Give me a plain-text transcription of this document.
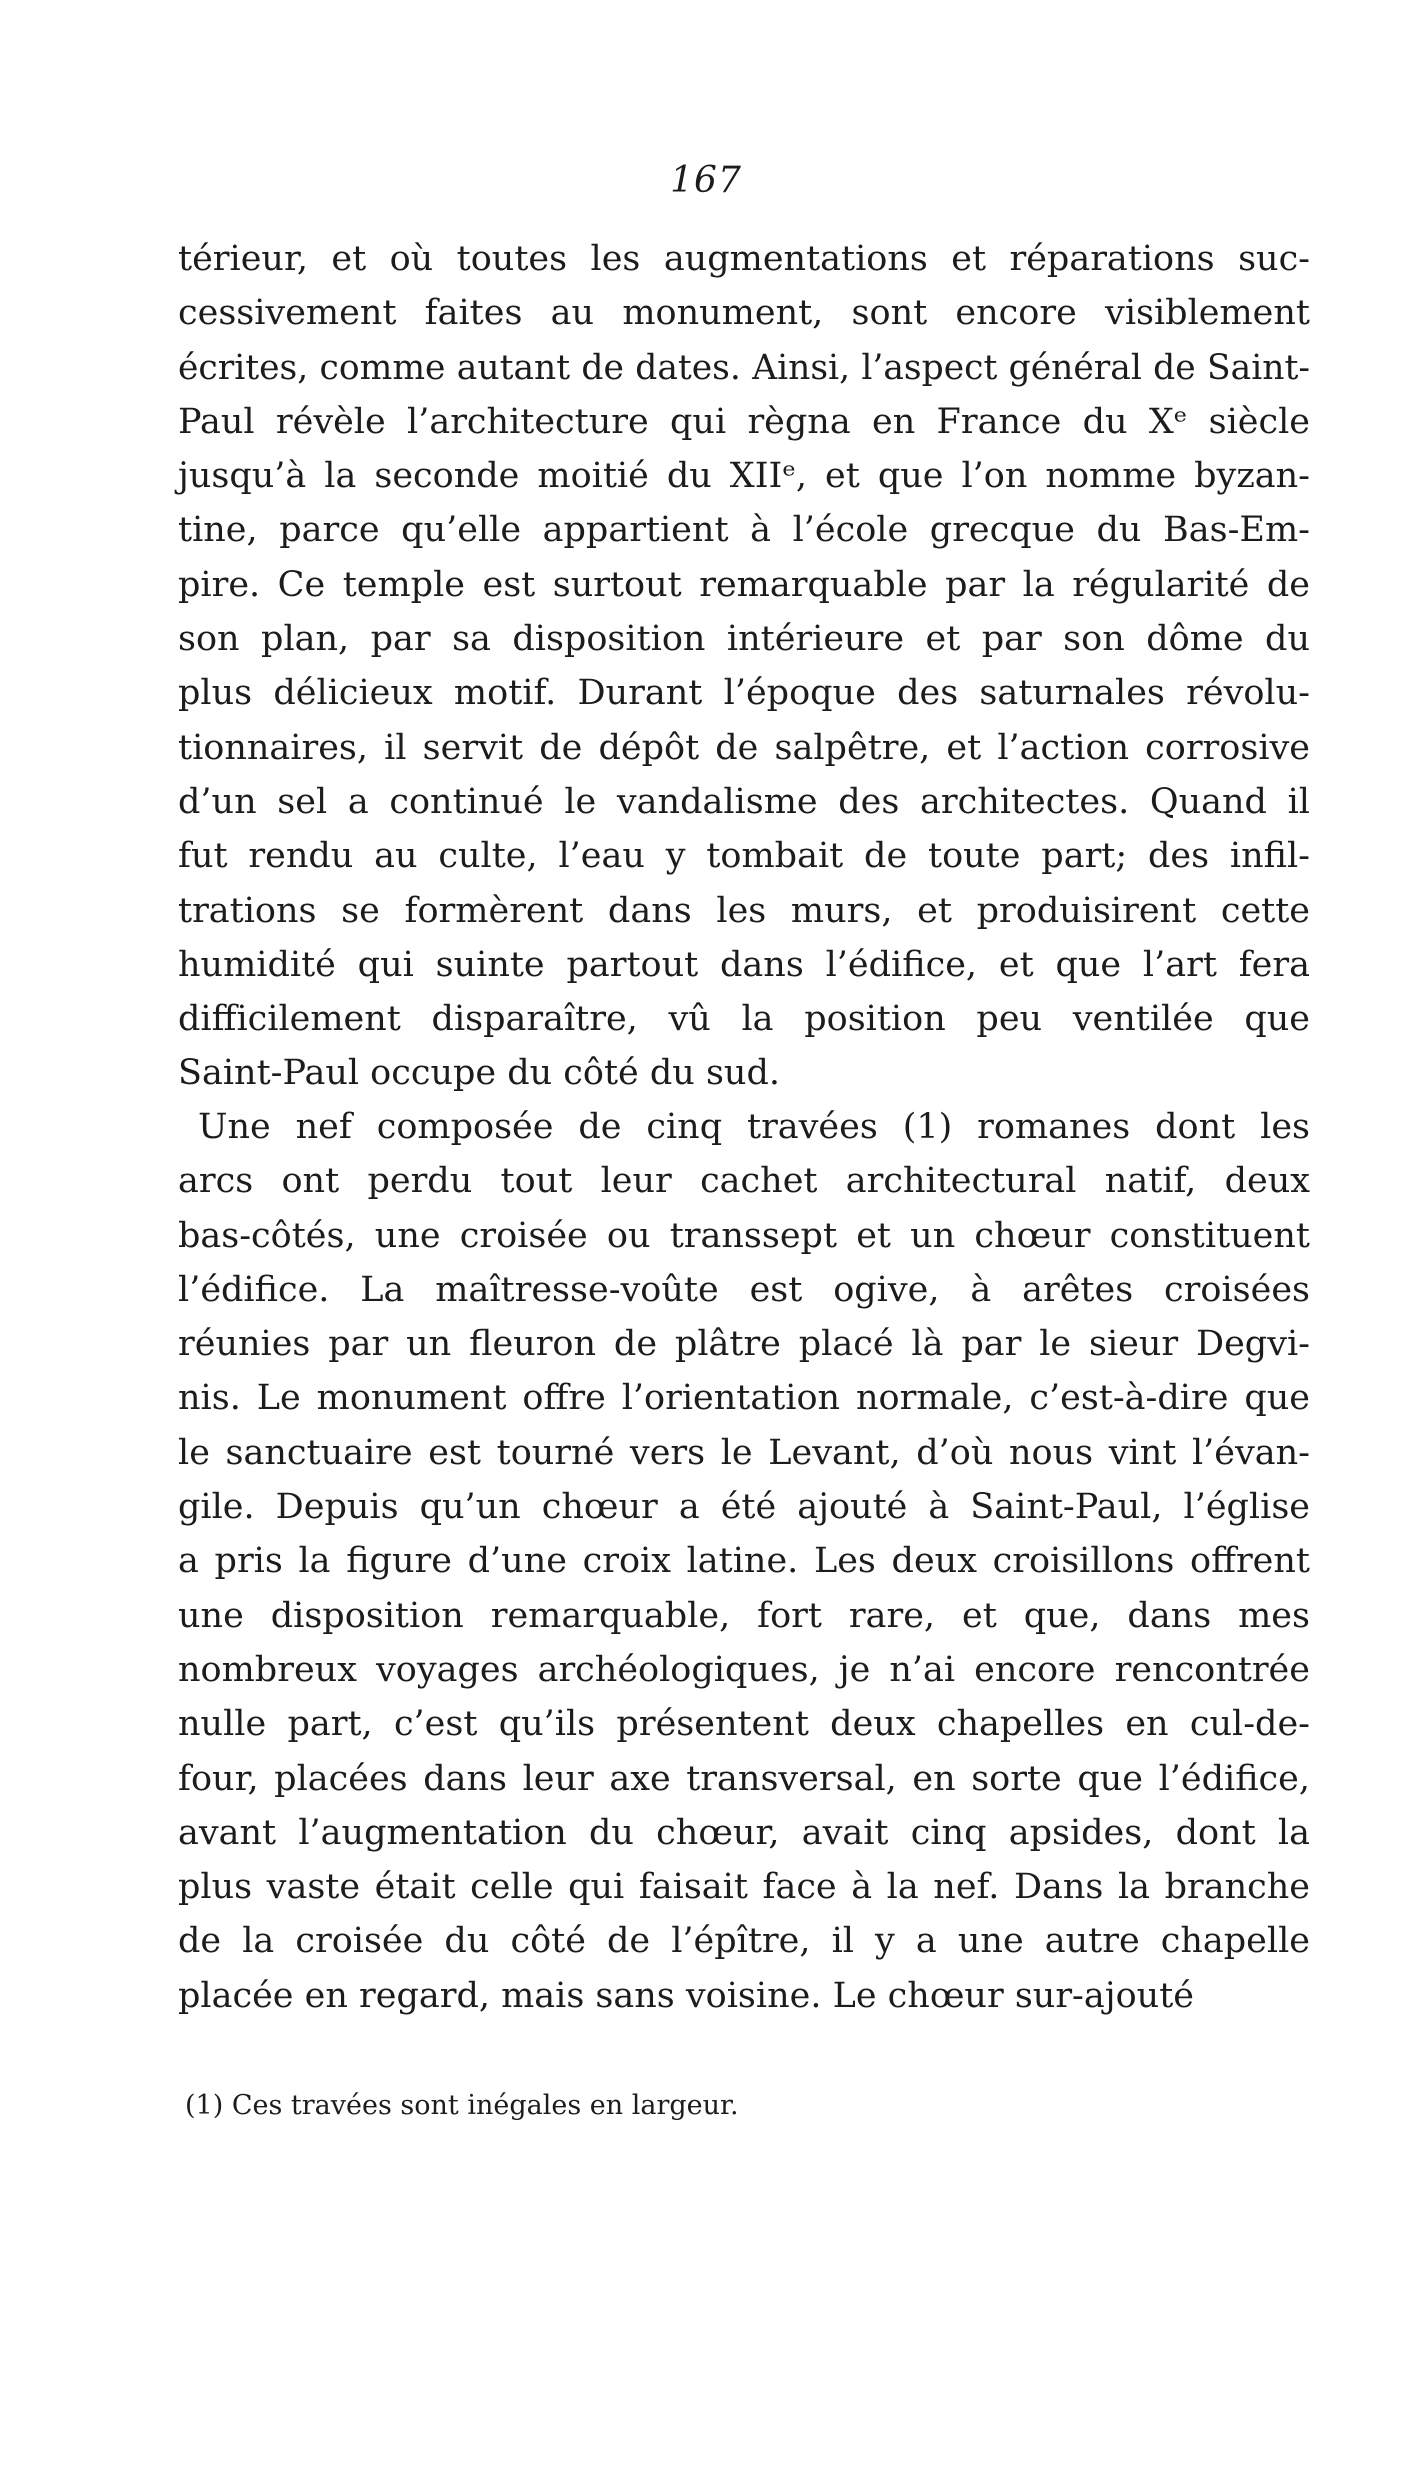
167
térieur, et où toutes les augmentations et réparations suc-
cessivement faites au monument, sont encore visiblement
écrites, comme autant de dates. Ainsi, l’aspect général de Saint-
Paul révèle l’architecture qui règna en France du Xᵉ siècle
jusqu’à la seconde moitié du XIIᵉ, et que l’on nomme byzan-
tine, parce qu’elle appartient à l’école grecque du Bas-Em-
pire. Ce temple est surtout remarquable par la régularité de
son plan, par sa disposition intérieure et par son dôme du
plus délicieux motif. Durant l’époque des saturnales révolu-
tionnaires, il servit de dépôt de salpêtre, et l’action corrosive
d’un sel a continué le vandalisme des architectes. Quand il
fut rendu au culte, l’eau y tombait de toute part; des infil-
trations se formèrent dans les murs, et produisirent cette
humidité qui suinte partout dans l’édifice, et que l’art fera
difficilement disparaître, vû la position peu ventilée que
Saint-Paul occupe du côté du sud.
Une nef composée de cinq travées (1) romanes dont les
arcs ont perdu tout leur cachet architectural natif, deux
bas-côtés, une croisée ou transsept et un chœur constituent
l’édifice. La maîtresse-voûte est ogive, à arêtes croisées
réunies par un fleuron de plâtre placé là par le sieur Degvi-
nis. Le monument offre l’orientation normale, c’est-à-dire que
le sanctuaire est tourné vers le Levant, d’où nous vint l’évan-
gile. Depuis qu’un chœur a été ajouté à Saint-Paul, l’église
a pris la figure d’une croix latine. Les deux croisillons offrent
une disposition remarquable, fort rare, et que, dans mes
nombreux voyages archéologiques, je n’ai encore rencontrée
nulle part, c’est qu’ils présentent deux chapelles en cul-de-
four, placées dans leur axe transversal, en sorte que l’édifice,
avant l’augmentation du chœur, avait cinq apsides, dont la
plus vaste était celle qui faisait face à la nef. Dans la branche
de la croisée du côté de l’épître, il y a une autre chapelle
placée en regard, mais sans voisine. Le chœur sur-ajouté
(1) Ces travées sont inégales en largeur.
